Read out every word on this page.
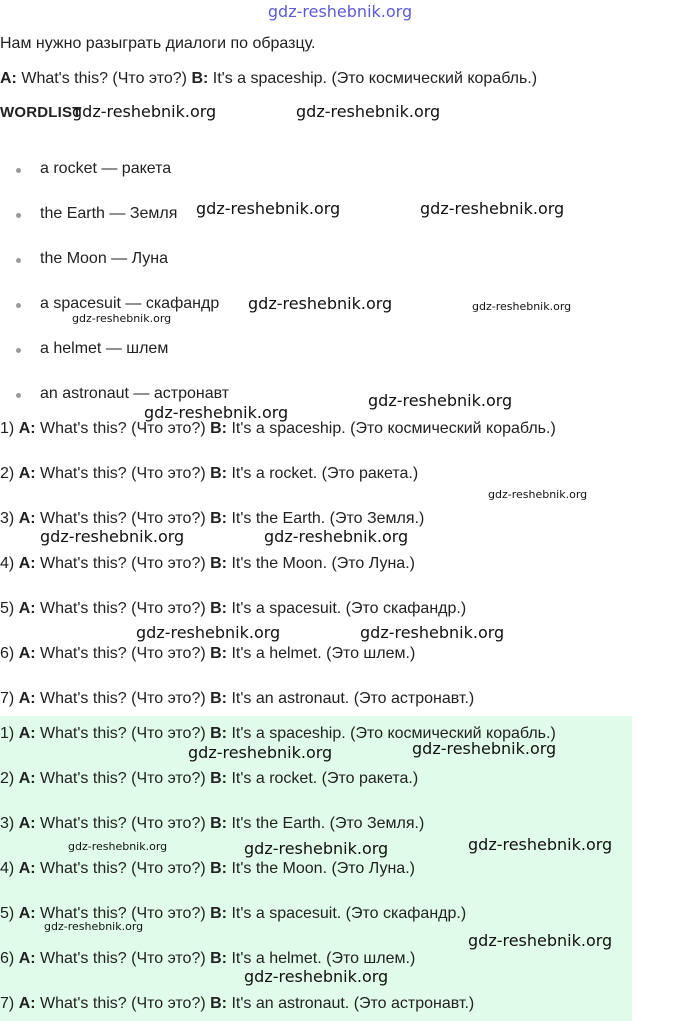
gdz-reshebnik.org
Нам нужно разыграть диалоги по образцу.
A: What's this? (Что это?) B: It's a spaceship. (Это космический корабль.)
WORDLIST
a rocket — ракета
the Earth — Земля
the Moon — Луна
a spacesuit — скафандр
a helmet — шлем
an astronaut — астронавт
1) A: What's this? (Что это?) B: It's a spaceship. (Это космический корабль.)
2) A: What's this? (Что это?) B: It's a rocket. (Это ракета.)
3) A: What's this? (Что это?) B: It's the Earth. (Это Земля.)
4) A: What's this? (Что это?) B: It's the Moon. (Это Луна.)
5) A: What's this? (Что это?) B: It's a spacesuit. (Это скафандр.)
6) A: What's this? (Что это?) B: It's a helmet. (Это шлем.)
7) A: What's this? (Что это?) B: It's an astronaut. (Это астронавт.)
1) A: What's this? (Что это?) B: It's a spaceship. (Это космический корабль.)
2) A: What's this? (Что это?) B: It's a rocket. (Это ракета.)
3) A: What's this? (Что это?) B: It's the Earth. (Это Земля.)
4) A: What's this? (Что это?) B: It's the Moon. (Это Луна.)
5) A: What's this? (Что это?) B: It's a spacesuit. (Это скафандр.)
6) A: What's this? (Что это?) B: It's a helmet. (Это шлем.)
7) A: What's this? (Что это?) B: It's an astronaut. (Это астронавт.)
gdz-reshebnik.org	gdz-reshebnik.org
gdz-reshebnik.org	gdz-reshebnik.org
gdz-reshebnik.org	gdz-reshebnik.org
gdz-reshebnik.org
gdz-reshebnik.org
gdz-reshebnik.org
gdz-reshebnik.org
gdz-reshebnik.org	gdz-reshebnik.org
gdz-reshebnik.org	gdz-reshebnik.org
gdz-reshebnik.org
gdz-reshebnik.org
gdz-reshebnik.org	gdz-reshebnik.org
gdz-reshebnik.org
gdz-reshebnik.org
gdz-reshebnik.org
gdz-reshebnik.org
